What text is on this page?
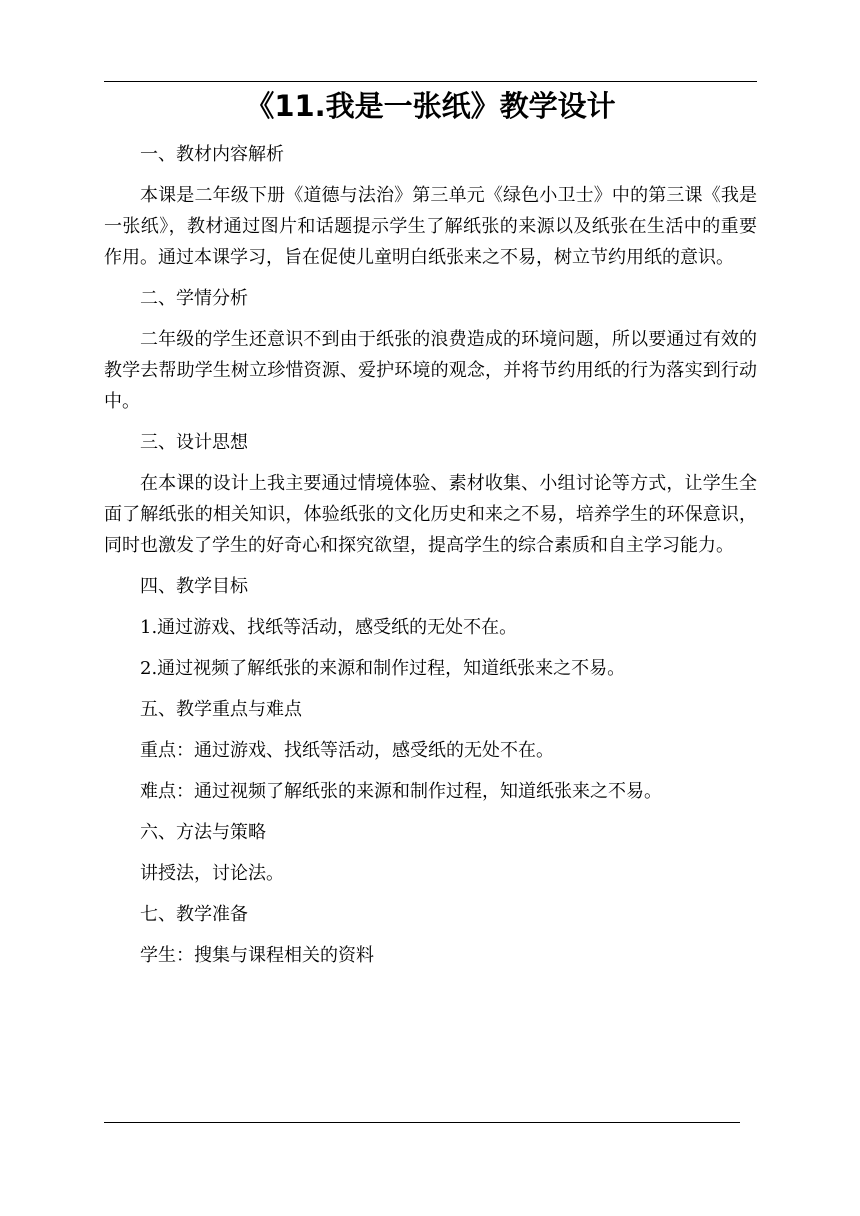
《11.我是一张纸》教学设计

一、教材内容解析

本课是二年级下册《道德与法治》第三单元《绿色小卫士》中的第三课《我是一张纸》，教材通过图片和话题提示学生了解纸张的来源以及纸张在生活中的重要作用。通过本课学习，旨在促使儿童明白纸张来之不易，树立节约用纸的意识。

二、学情分析

二年级的学生还意识不到由于纸张的浪费造成的环境问题，所以要通过有效的教学去帮助学生树立珍惜资源、爱护环境的观念，并将节约用纸的行为落实到行动中。

三、设计思想

在本课的设计上我主要通过情境体验、素材收集、小组讨论等方式，让学生全面了解纸张的相关知识，体验纸张的文化历史和来之不易，培养学生的环保意识，同时也激发了学生的好奇心和探究欲望，提高学生的综合素质和自主学习能力。

四、教学目标

1.通过游戏、找纸等活动，感受纸的无处不在。

2.通过视频了解纸张的来源和制作过程，知道纸张来之不易。

五、教学重点与难点

重点：通过游戏、找纸等活动，感受纸的无处不在。

难点：通过视频了解纸张的来源和制作过程，知道纸张来之不易。

六、方法与策略

讲授法，讨论法。

七、教学准备

学生：搜集与课程相关的资料
